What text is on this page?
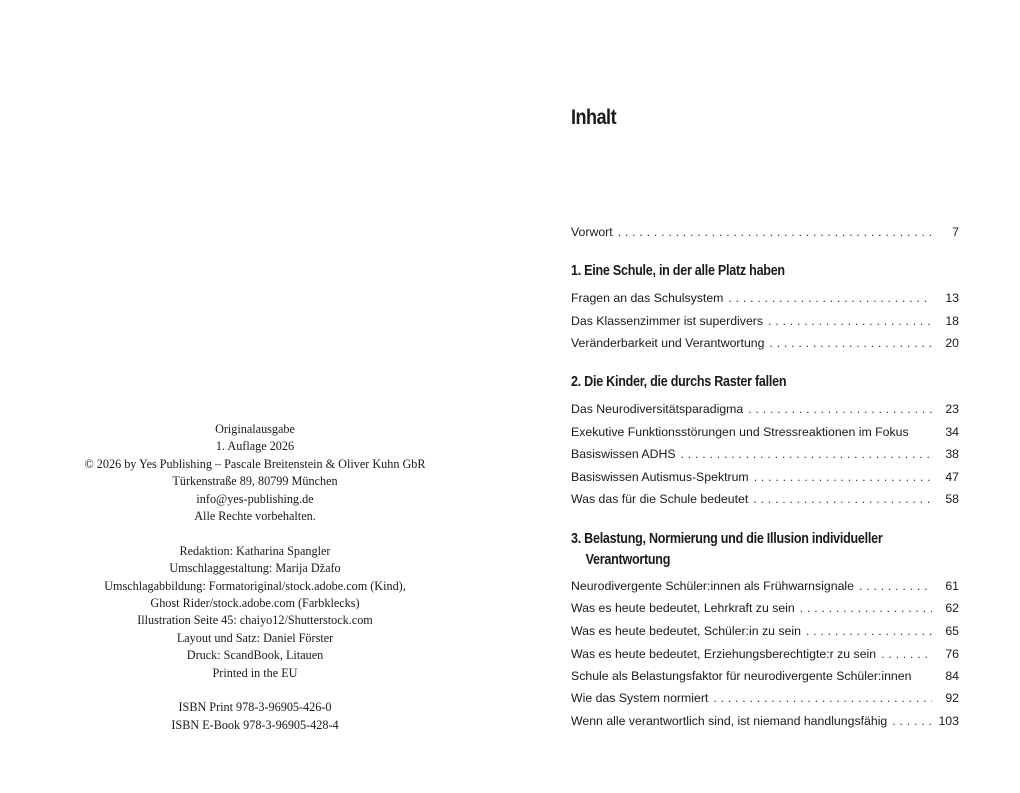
Originalausgabe
1. Auflage 2026
© 2026 by Yes Publishing – Pascale Breitenstein & Oliver Kuhn GbR
Türkenstraße 89, 80799 München
info@yes-publishing.de
Alle Rechte vorbehalten.
Redaktion: Katharina Spangler
Umschlaggestaltung: Marija Džafo
Umschlagabbildung: Formatoriginal/stock.adobe.com (Kind),
Ghost Rider/stock.adobe.com (Farbklecks)
Illustration Seite 45: chaiyo12/Shutterstock.com
Layout und Satz: Daniel Förster
Druck: ScandBook, Litauen
Printed in the EU
ISBN Print 978-3-96905-426-0
ISBN E-Book 978-3-96905-428-4
Inhalt
Vorwort . . .	7
1. Eine Schule, in der alle Platz haben
Fragen an das Schulsystem . . .	13
Das Klassenzimmer ist superdivers . . .	18
Veränderbarkeit und Verantwortung . . .	20
2. Die Kinder, die durchs Raster fallen
Das Neurodiversitätsparadigma . . .	23
Exekutive Funktionsstörungen und Stressreaktionen im Fokus	34
Basiswissen ADHS . . .	38
Basiswissen Autismus-Spektrum . . .	47
Was das für die Schule bedeutet . . .	58
3. Belastung, Normierung und die Illusion individueller
Verantwortung
Neurodivergente Schüler:innen als Frühwarnsignale . . .	61
Was es heute bedeutet, Lehrkraft zu sein . . .	62
Was es heute bedeutet, Schüler:in zu sein . . .	65
Was es heute bedeutet, Erziehungsberechtigte:r zu sein . . .	76
Schule als Belastungsfaktor für neurodivergente Schüler:innen	84
Wie das System normiert . . .	92
Wenn alle verantwortlich sind, ist niemand handlungsfähig . . .	103
